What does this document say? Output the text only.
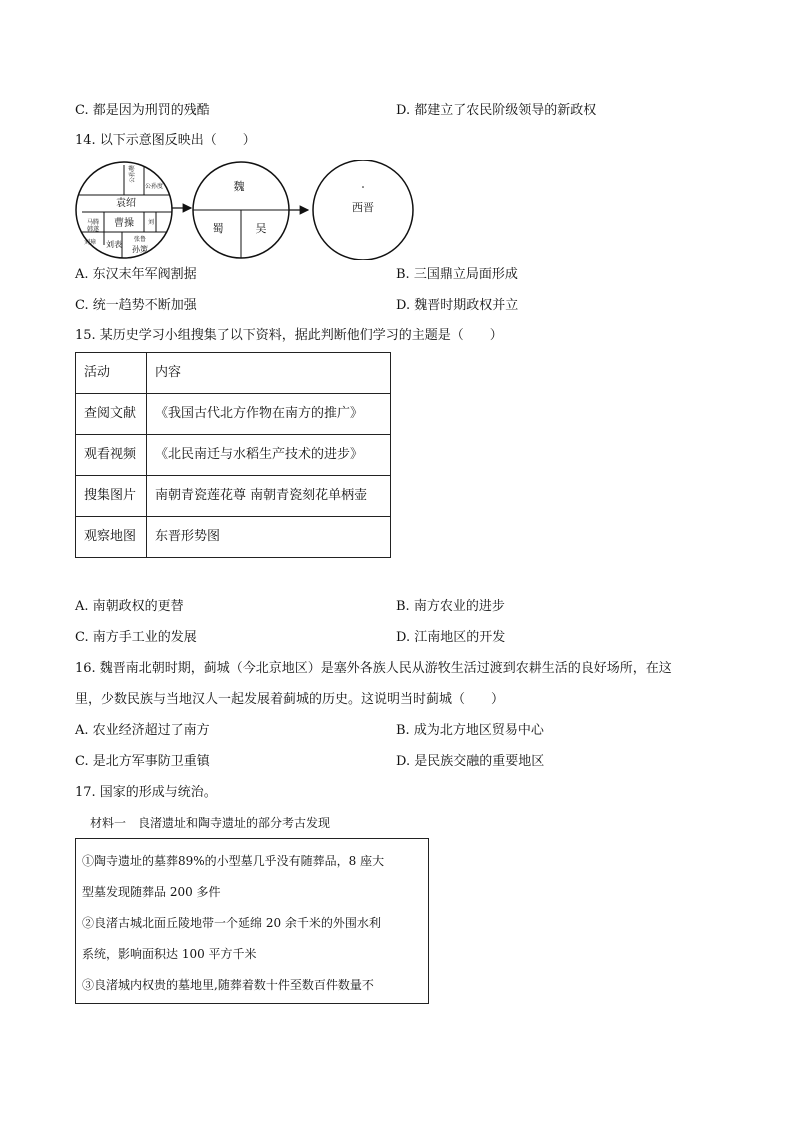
C. 都是因为刑罚的残酷	D. 都建立了农民阶级领导的新政权
14. 以下示意图反映出（　　）
公孙瓒
公孙度
袁绍
马腾
韩遂
曹操
刘璋 刘表
张鲁
孙策
刘
魏
蜀	吴
西晋
A. 东汉末年军阀割据	B. 三国鼎立局面形成
C. 统一趋势不断加强	D. 魏晋时期政权并立
15. 某历史学习小组搜集了以下资料，据此判断他们学习的主题是（　　）
活动	内容
查阅文献	《我国古代北方作物在南方的推广》
观看视频	《北民南迁与水稻生产技术的进步》
搜集图片	南朝青瓷莲花尊 南朝青瓷刻花单柄壶
观察地图	东晋形势图
A. 南朝政权的更替	B. 南方农业的进步
C. 南方手工业的发展	D. 江南地区的开发
16. 魏晋南北朝时期，蓟城（今北京地区）是塞外各族人民从游牧生活过渡到农耕生活的良好场所，在这
里，少数民族与当地汉人一起发展着蓟城的历史。这说明当时蓟城（　　）
A. 农业经济超过了南方	B. 成为北方地区贸易中心
C. 是北方军事防卫重镇	D. 是民族交融的重要地区
17. 国家的形成与统治。
材料一　良渚遗址和陶寺遗址的部分考古发现
①陶寺遗址的墓葬89%的小型墓几乎没有随葬品，8 座大
型墓发现随葬品 200 多件
②良渚古城北面丘陵地带一个延绵 20 余千米的外围水利
系统，影响面积达 100 平方千米
③良渚城内权贵的墓地里,随葬着数十件至数百件数量不
